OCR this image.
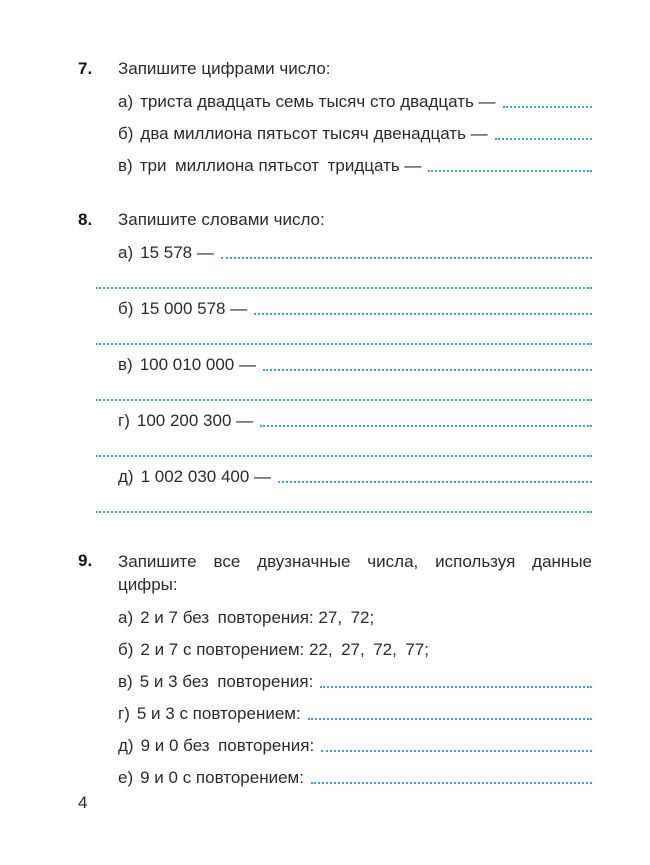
7.	Запишите цифрами число:
а) триста двадцать семь тысяч сто двадцать —
б) два миллиона пятьсот тысяч двенадцать —
в) три миллиона пятьсот тридцать —
8.	Запишите словами число:
а) 15 578 —
б) 15 000 578 —
в) 100 010 000 —
г) 100 200 300 —
д) 1 002 030 400 —
9.	Запишите все двузначные числа, используя данные
цифры:
а) 2 и 7 без повторения: 27, 72;
б) 2 и 7 с повторением: 22, 27, 72, 77;
в) 5 и 3 без повторения:
г) 5 и 3 с повторением:
д) 9 и 0 без повторения:
е) 9 и 0 с повторением:
4
